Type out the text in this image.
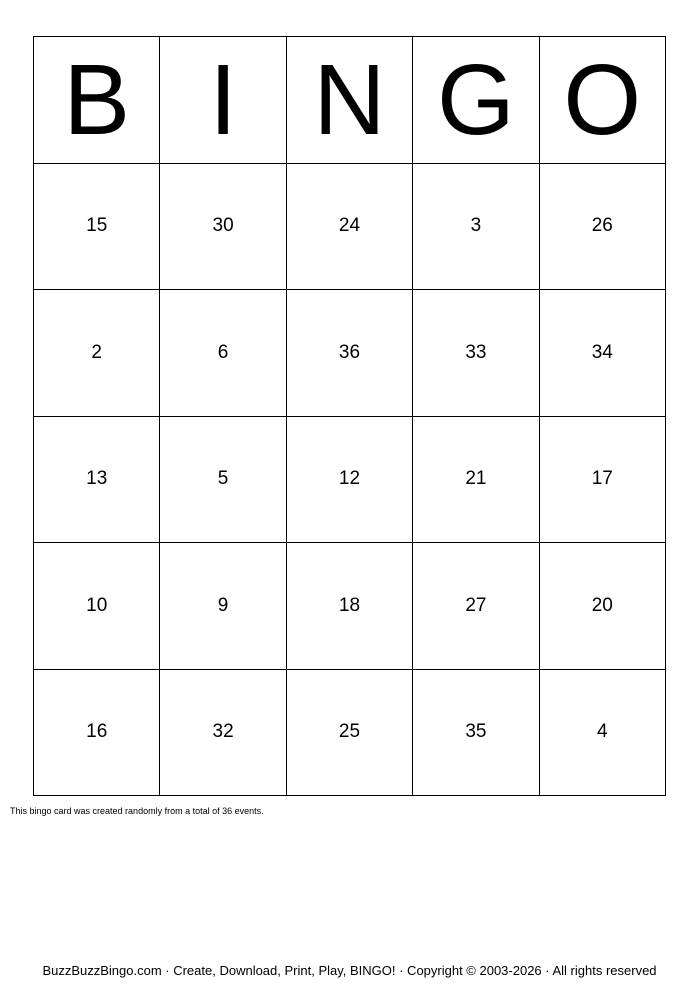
B I N G O
15	30	24	3	26
2	6	36	33	34
13	5	12	21	17
10	9	18	27	20
16	32	25	35	4
This bingo card was created randomly from a total of 36 events.
BuzzBuzzBingo.com · Create, Download, Print, Play, BINGO! · Copyright © 2003-2026 · All rights reserved
